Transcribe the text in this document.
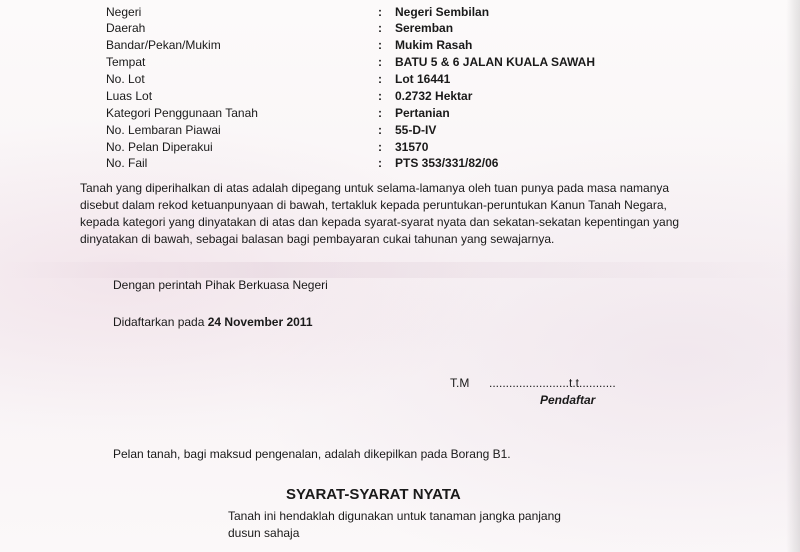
Negeri	: Negeri Sembilan
Daerah	: Seremban
Bandar/Pekan/Mukim	: Mukim Rasah
Tempat	: BATU 5 & 6 JALAN KUALA SAWAH
No. Lot	: Lot 16441
Luas Lot	: 0.2732 Hektar
Kategori Penggunaan Tanah	: Pertanian
No. Lembaran Piawai	: 55-D-IV
No. Pelan Diperakui	: 31570
No. Fail	: PTS 353/331/82/06
Tanah yang diperihalkan di atas adalah dipegang untuk selama-lamanya oleh tuan punya pada masa namanya
disebut dalam rekod ketuanpunyaan di bawah, tertakluk kepada peruntukan-peruntukan Kanun Tanah Negara,
kepada kategori yang dinyatakan di atas dan kepada syarat-syarat nyata dan sekatan-sekatan kepentingan yang
dinyatakan di bawah, sebagai balasan bagi pembayaran cukai tahunan yang sewajarnya.
Dengan perintah Pihak Berkuasa Negeri
Didaftarkan pada 24 November 2011
T.M ........................t.t...........
Pendaftar
Pelan tanah, bagi maksud pengenalan, adalah dikepilkan pada Borang B1.
SYARAT-SYARAT NYATA
Tanah ini hendaklah digunakan untuk tanaman jangka panjang
dusun sahaja
